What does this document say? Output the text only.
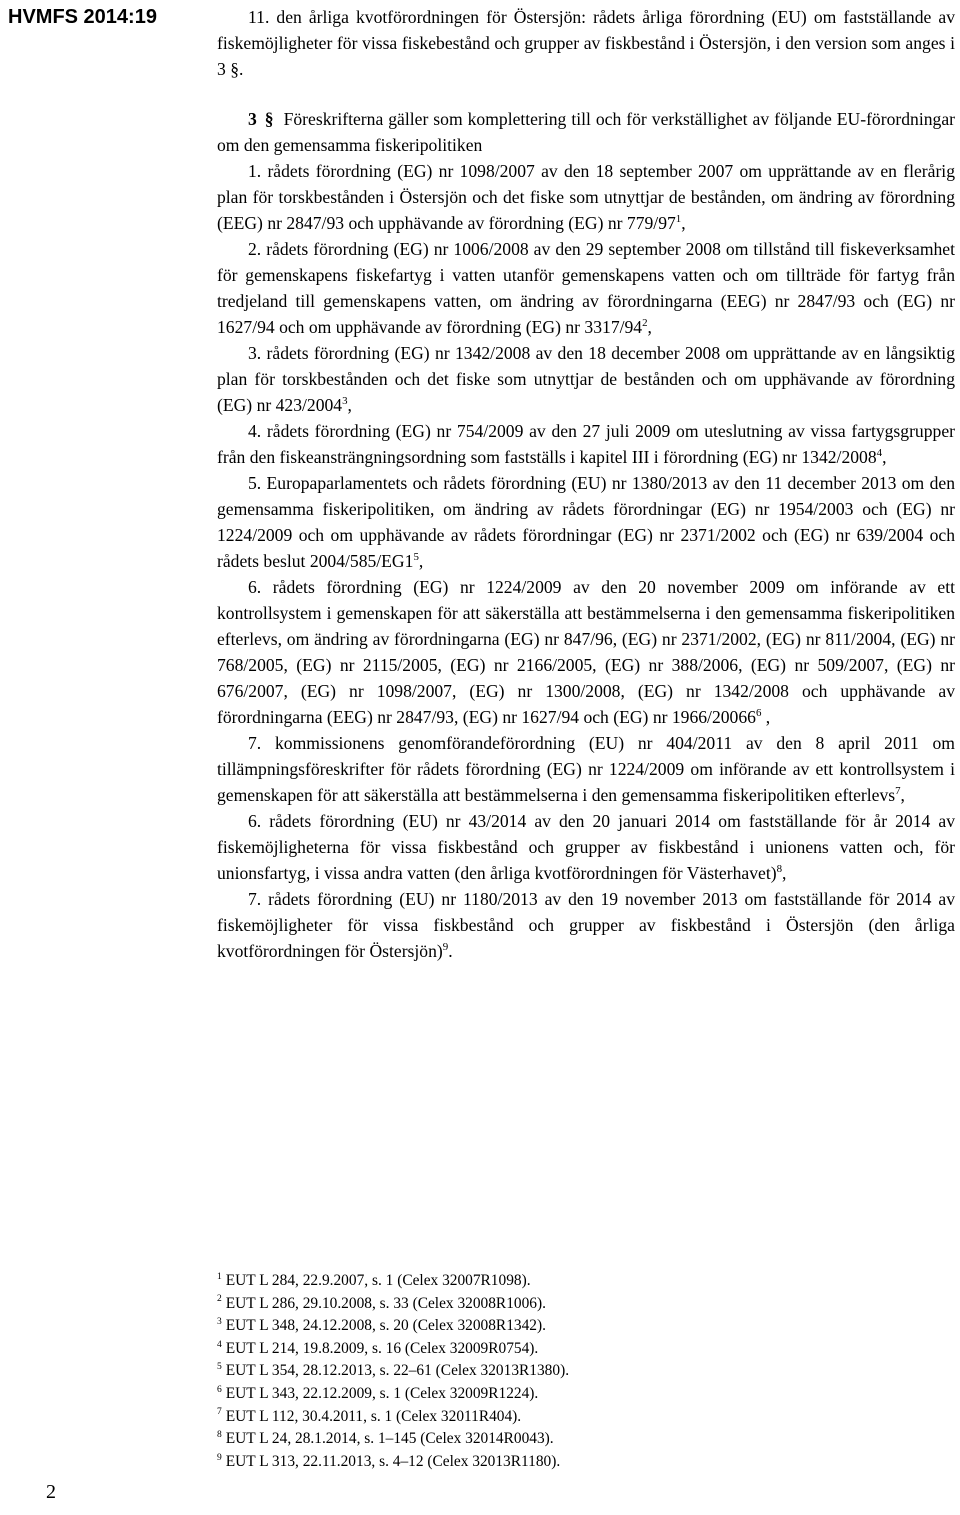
HVMFS 2014:19	11. den årliga kvotförordningen för Östersjön: rådets årliga förordning (EU) om fastställande av fiskemöjligheter för vissa fiskebestånd och grupper av fiskbestånd i Östersjön, i den version som anges i 3 §.

3 § Föreskrifterna gäller som komplettering till och för verkställighet av följande EU-förordningar om den gemensamma fiskeripolitiken

1. rådets förordning (EG) nr 1098/2007 av den 18 september 2007 om upprättande av en flerårig plan för torskbestånden i Östersjön och det fiske som utnyttjar de bestånden, om ändring av förordning (EEG) nr 2847/93 och upphävande av förordning (EG) nr $779/97^1$,

2. rådets förordning (EG) nr 1006/2008 av den 29 september 2008 om tillstånd till fiskeverksamhet för gemenskapens fiskefartyg i vatten utanför gemenskapens vatten och om tillträde för fartyg från tredjeland till gemenskapens vatten, om ändring av förordningarna (EEG) nr 2847/93 och (EG) nr 1627/94 och om upphävande av förordning (EG) nr $3317/94^2$,

3. rådets förordning (EG) nr 1342/2008 av den 18 december 2008 om upprättande av en långsiktig plan för torskbestånden och det fiske som utnyttjar de bestånden och om upphävande av förordning (EG) nr 423/2004$^3$,

4. rådets förordning (EG) nr 754/2009 av den 27 juli 2009 om uteslutning av vissa fartygsgrupper från den fiskeansträngningsordning som fastställs i kapitel III i förordning (EG) nr 1342/2008$^4$,

5. Europaparlamentets och rådets förordning (EU) nr 1380/2013 av den 11 december 2013 om den gemensamma fiskeripolitiken, om ändring av rådets förordningar (EG) nr 1954/2003 och (EG) nr 1224/2009 och om upphävande av rådets förordningar (EG) nr 2371/2002 och (EG) nr 639/2004 och rådets beslut $2004/585/EG1^5$,

6. rådets förordning (EG) nr 1224/2009 av den 20 november 2009 om införande av ett kontrollsystem i gemenskapen för att säkerställa att bestämmelserna i den gemensamma fiskeripolitiken efterlevs, om ändring av förordningarna (EG) nr 847/96, (EG) nr 2371/2002, (EG) nr 811/2004, (EG) nr 768/2005, (EG) nr 2115/2005, (EG) nr 2166/2005, (EG) nr 388/2006, (EG) nr 509/2007, (EG) nr 676/2007, (EG) nr 1098/2007, (EG) nr 1300/2008, (EG) nr 1342/2008 och upphävande av förordningarna (EEG) nr 2847/93, (EG) nr 1627/94 och (EG) nr 1966/20066$^6$ ,

7. kommissionens genomförandeförordning (EU) nr 404/2011 av den 8 april 2011 om tillämpningsföreskrifter för rådets förordning (EG) nr 1224/2009 om införande av ett kontrollsystem i gemenskapen för att säkerställa att bestämmelserna i den gemensamma fiskeripolitiken efterlevs$^7$,

6. rådets förordning (EU) nr 43/2014 av den 20 januari 2014 om fastställande för år 2014 av fiskemöjligheterna för vissa fiskbestånd och grupper av fiskbestånd i unionens vatten och, för unionsfartyg, i vissa andra vatten (den årliga kvotförordningen för Västerhavet)$^8$,

7. rådets förordning (EU) nr 1180/2013 av den 19 november 2013 om fastställande för 2014 av fiskemöjligheter för vissa fiskbestånd och grupper av fiskbestånd i Östersjön (den årliga kvotförordningen för Östersjön)$^9$.

$^1$ EUT L 284, 22.9.2007, s. 1 (Celex 32007R1098).
$^2$ EUT L 286, 29.10.2008, s. 33 (Celex 32008R1006).
$^3$ EUT L 348, 24.12.2008, s. 20 (Celex 32008R1342).
$^4$ EUT L 214, 19.8.2009, s. 16 (Celex 32009R0754).
$^5$ EUT L 354, 28.12.2013, s. 22–61 (Celex 32013R1380).
$^6$ EUT L 343, 22.12.2009, s. 1 (Celex 32009R1224).
$^7$ EUT L 112, 30.4.2011, s. 1 (Celex 32011R404).
$^8$ EUT L 24, 28.1.2014, s. 1–145 (Celex 32014R0043).
$^9$ EUT L 313, 22.11.2013, s. 4–12 (Celex 32013R1180).
2
